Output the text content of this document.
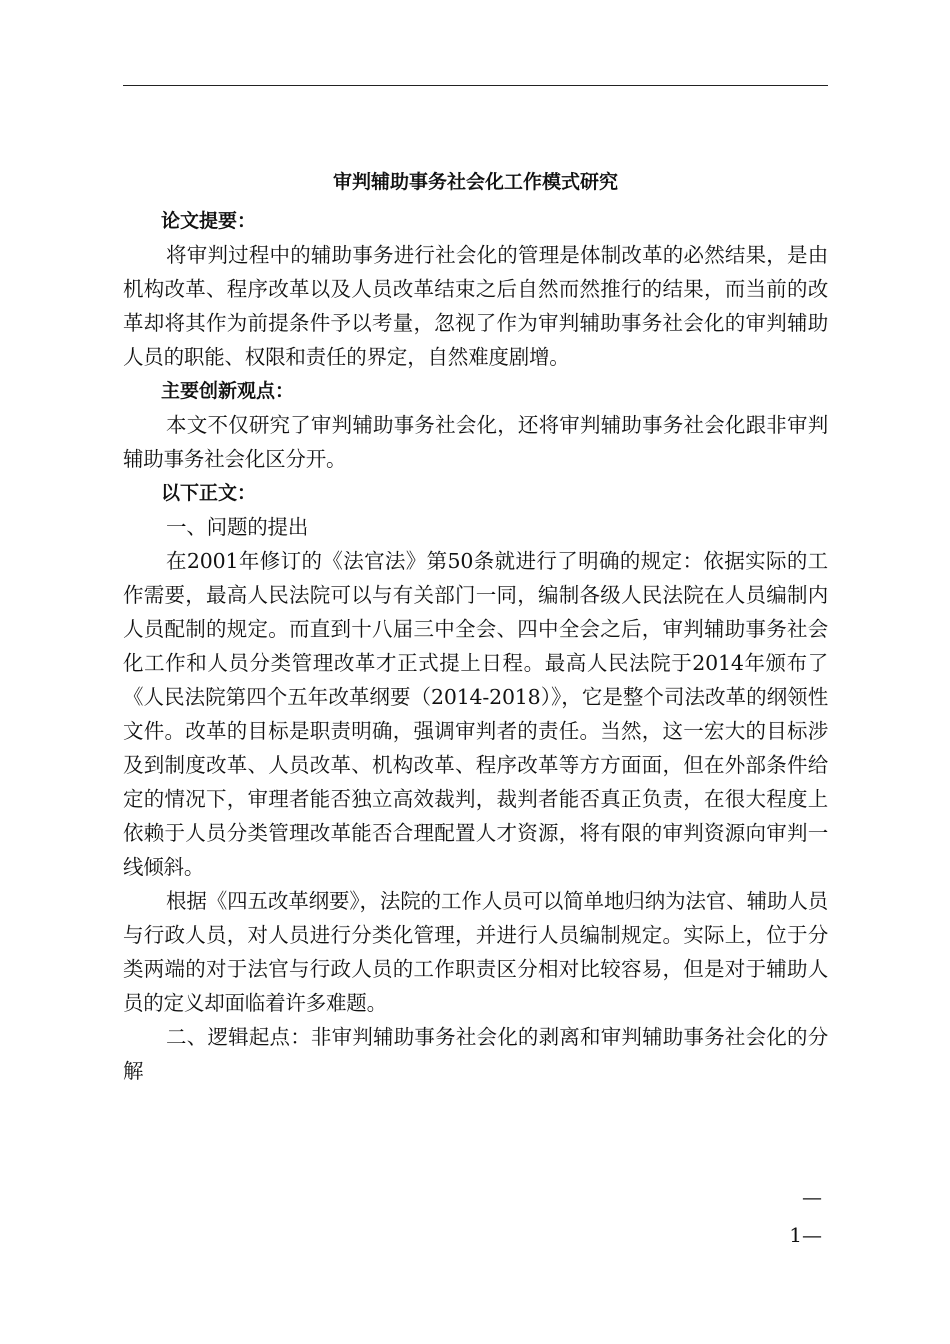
审判辅助事务社会化工作模式研究

论文提要：

将审判过程中的辅助事务进行社会化的管理是体制改革的必然结果，是由机构改革、程序改革以及人员改革结束之后自然而然推行的结果，而当前的改革却将其作为前提条件予以考量，忽视了作为审判辅助事务社会化的审判辅助人员的职能、权限和责任的界定，自然难度剧增。

主要创新观点：

本文不仅研究了审判辅助事务社会化，还将审判辅助事务社会化跟非审判辅助事务社会化区分开。

以下正文：

一、问题的提出

在2001年修订的《法官法》第50条就进行了明确的规定：依据实际的工作需要，最高人民法院可以与有关部门一同，编制各级人民法院在人员编制内人员配制的规定。而直到十八届三中全会、四中全会之后，审判辅助事务社会化工作和人员分类管理改革才正式提上日程。最高人民法院于2014年颁布了《人民法院第四个五年改革纲要（2014-2018）》，它是整个司法改革的纲领性文件。改革的目标是职责明确，强调审判者的责任。当然，这一宏大的目标涉及到制度改革、人员改革、机构改革、程序改革等方方面面，但在外部条件给定的情况下，审理者能否独立高效裁判，裁判者能否真正负责，在很大程度上依赖于人员分类管理改革能否合理配置人才资源，将有限的审判资源向审判一线倾斜。

根据《四五改革纲要》，法院的工作人员可以简单地归纳为法官、辅助人员与行政人员，对人员进行分类化管理，并进行人员编制规定。实际上，位于分类两端的对于法官与行政人员的工作职责区分相对比较容易，但是对于辅助人员的定义却面临着许多难题。

二、逻辑起点：非审判辅助事务社会化的剥离和审判辅助事务社会化的分解

—
1—
